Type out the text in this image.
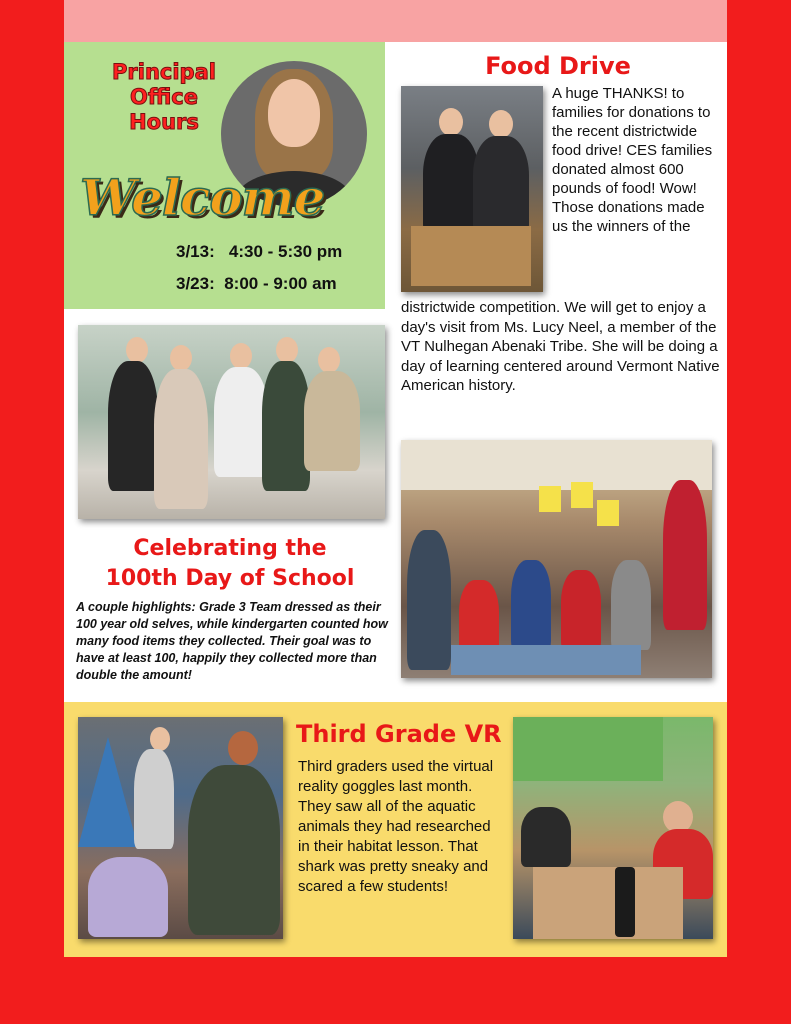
Principal
Office
Hours
Welcome
3/13: 4:30 - 5:30 pm
3/23: 8:00 - 9:00 am
Food Drive
A huge THANKS! to families for donations to the recent districtwide food drive! CES families donated almost 600 pounds of food! Wow! Those donations made us the winners of the
districtwide competition. We will get to enjoy a day's visit from Ms. Lucy Neel, a member of the VT Nulhegan Abenaki Tribe. She will be doing a day of learning centered around Vermont Native American history.
Celebrating the
100th Day of School
A couple highlights: Grade 3 Team dressed as their 100 year old selves, while kindergarten counted how many food items they collected. Their goal was to have at least 100, happily they collected more than double the amount!
Third Grade VR
Third graders used the virtual reality goggles last month. They saw all of the aquatic animals they had researched in their habitat lesson. That shark was pretty sneaky and scared a few students!
